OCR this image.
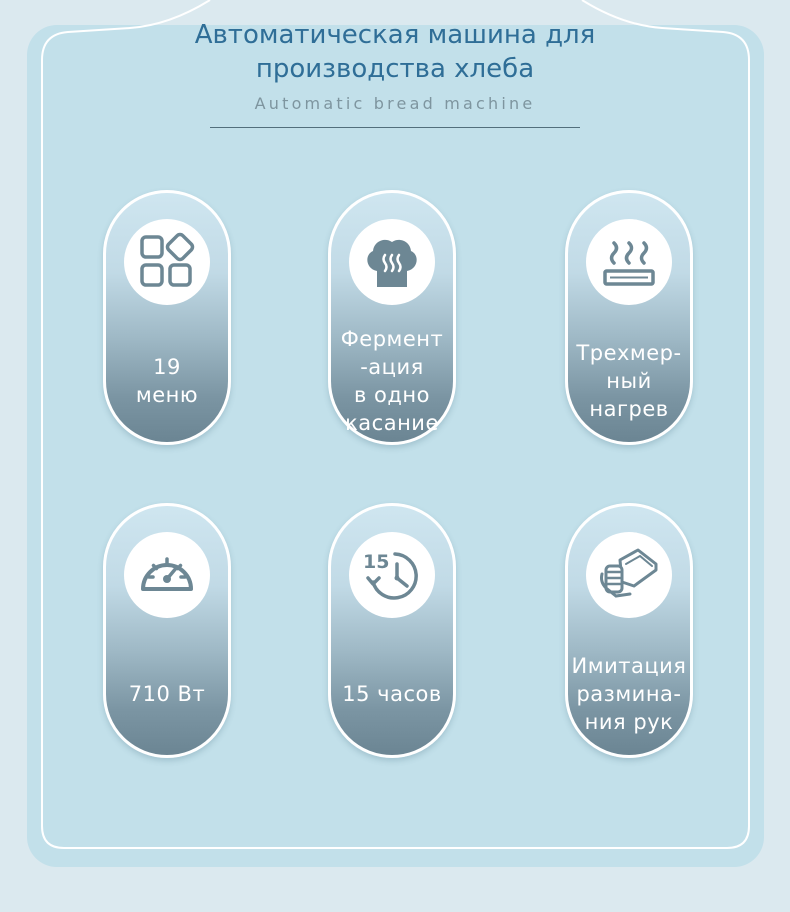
Автоматическая машина для
производства хлеба

Automatic bread machine

19
меню
Фермент
-ация
в одно
касание
Трехмер-
ный
нагрев
710 Вт
15
15 часов
Имитация
размина-
ния рук
